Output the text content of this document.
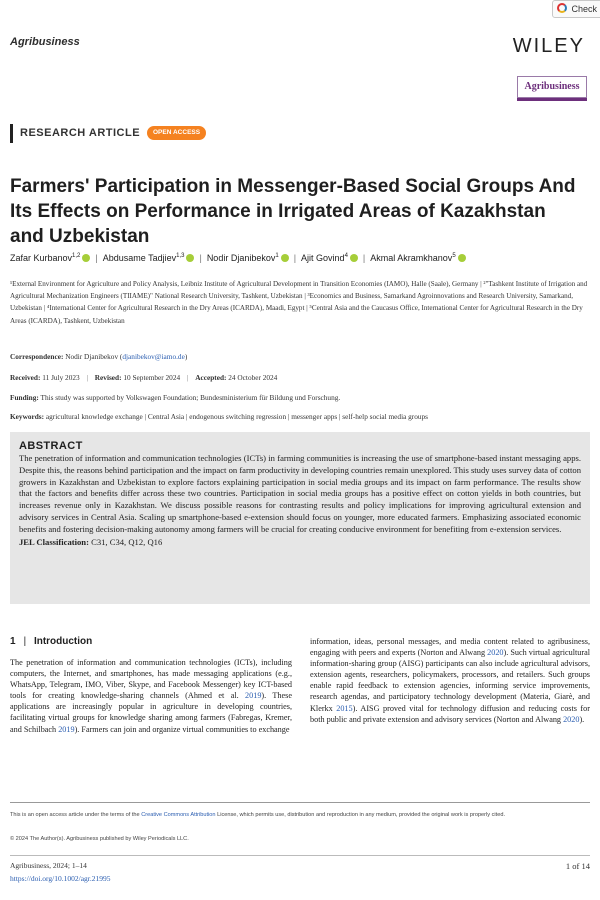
Check
Agribusiness	WILEY
Agribusiness
RESEARCH ARTICLE	OPEN ACCESS
Farmers' Participation in Messenger-Based Social Groups And Its Effects on Performance in Irrigated Areas of Kazakhstan and Uzbekistan
Zafar Kurbanov$^{1,2}$ | Abdusame Tadjiev$^{1,3}$ | Nodir Djanibekov$^1$ | Ajit Govind$^4$ | Akmal Akramkhanov$^5$
¹External Environment for Agriculture and Policy Analysis, Leibniz Institute of Agricultural Development in Transition Economies (IAMO), Halle (Saale), Germany | ²"Tashkent Institute of Irrigation and Agricultural Mechanization Engineers (TIIAME)" National Research University, Tashkent, Uzbekistan | ³Economics and Business, Samarkand Agroinnovations and Research University, Samarkand, Uzbekistan | ⁴International Center for Agricultural Research in the Dry Areas (ICARDA), Maadi, Egypt | ⁵Central Asia and the Caucasus Office, International Center for Agricultural Research in the Dry Areas (ICARDA), Tashkent, Uzbekistan
Correspondence: Nodir Djanibekov (djanibekov@iamo.de)
Received: 11 July 2023 | Revised: 10 September 2024 | Accepted: 24 October 2024
Funding: This study was supported by Volkswagen Foundation; Bundesministerium für Bildung und Forschung.
Keywords: agricultural knowledge exchange | Central Asia | endogenous switching regression | messenger apps | self-help social media groups
ABSTRACT
The penetration of information and communication technologies (ICTs) in farming communities is increasing the use of smartphone-based instant messaging apps. Despite this, the reasons behind participation and the impact on farm productivity in developing countries remain unexplored. This study uses survey data of cotton growers in Kazakhstan and Uzbekistan to explore factors explaining participation in social media groups and its impact on farm performance. The results show that the factors and benefits differ across these two countries. Participation in social media groups has a positive effect on cotton yields in both countries, but increases revenue only in Kazakhstan. We discuss possible reasons for contrasting results and policy implications for improving agricultural extension and advisory services in Central Asia. Scaling up smartphone-based e-extension should focus on younger, more educated farmers. Emphasizing associated economic benefits and fostering decision-making autonomy among farmers will be crucial for creating conducive environment for benefiting from e-extension services.
JEL Classification: C31, C34, Q12, Q16
1 | Introduction
The penetration of information and communication technologies (ICTs), including computers, the Internet, and smartphones, has made messaging applications (e.g., WhatsApp, Telegram, IMO, Viber, Skype, and Facebook Messenger) key ICT-based tools for creating knowledge-sharing channels (Ahmed et al. 2019). These applications are increasingly popular in agriculture in developing countries, facilitating virtual groups for knowledge sharing among farmers (Fabregas, Kremer, and Schilbach 2019). Farmers can join and organize virtual communities to exchange
information, ideas, personal messages, and media content related to agribusiness, engaging with peers and experts (Norton and Alwang 2020). Such virtual agricultural information-sharing group (AISG) participants can also include agricultural advisors, extension agents, researchers, policymakers, processors, and retailers. Such groups enable rapid feedback to extension agencies, informing service improvements, research agendas, and participatory technology development (Materia, Giarè, and Klerkx 2015). AISG proved vital for technology diffusion and reducing costs for both public and private extension and advisory services (Norton and Alwang 2020).
This is an open access article under the terms of the Creative Commons Attribution License, which permits use, distribution and reproduction in any medium, provided the original work is properly cited.
© 2024 The Author(s). Agribusiness published by Wiley Periodicals LLC.
Agribusiness, 2024; 1–14
https://doi.org/10.1002/agr.21995
1 of 14
